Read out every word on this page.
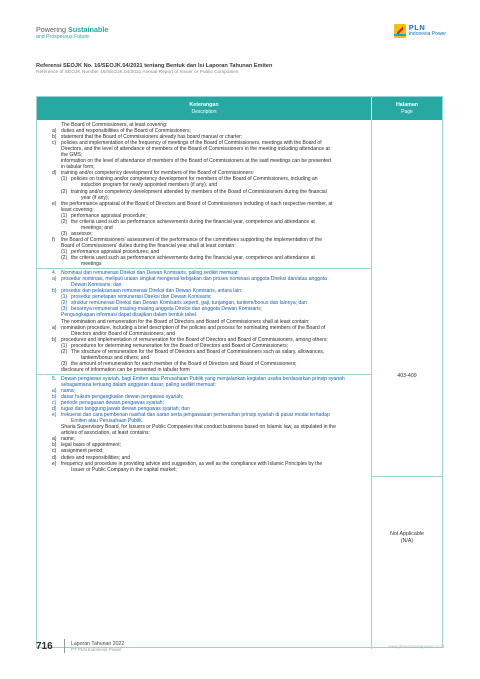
Powering Sustainable
and Prosperous Future
PLN
Indonesia Power
Referensi SEOJK No. 16/SEOJK.04/2021 tentang Bentuk dan Isi Laporan Tahunan Emiten
Reference of SEOJK Number 16/SEOJK.04/2021 Annual Report of Issuer or Public Companies
Keterangan
Description
Halaman
Page
The Board of Commissioners, at least covering:
a) duties and responsibilities of the Board of Commissioners;
b) statement that the Board of Commissioners already has board manual or charter;
c) policies and implementation of the frequency of meetings of the Board of Commissioners, meetings with the Board of
Directors, and the level of attendance of members of the Board of Commissioners in the meeting including attendance at
the GMS;
information on the level of attendance of members of the Board of Commissioners at the said meetings can be presented
in tabular form;
d) training and/or competency development for members of the Board of Commissioners:
(1) policies on training and/or competency development for members of the Board of Commissioners, including an
induction program for newly appointed members (if any); and
(2) training and/or competency development attended by members of the Board of Commissioners during the financial
year (if any);
e) the performance appraisal of the Board of Directors and Board of Commissioners including of each respective member, at
least covering:
(1) performance appraisal procedure;
(2) the criteria used such as performance achievements during the financial year, competence and attendance at
meetings; and
(3) assessor;
f) the Board of Commissioners' assessment of the performance of the committees supporting the implementation of the
Board of Commissioners' duties during the financial year shall at least contain:
(1) performance appraisal procedures; and
(2) the criteria used such as performance achievements during the financial year, competence and attendance at
meetings
4. Nominasi dan remunerasi Direksi dan Dewan Komisaris, paling sedikit memuat:
a) prosedur nominasi, meliputi uraian singkat mengenai kebijakan dan proses nominasi anggota Direksi dan/atau anggota
Dewan Komisaris; dan
b) prosedur dan pelaksanaan remunerasi Direksi dan Dewan Komisaris, antara lain:
(1) prosedur penetapan remunerasi Direksi dan Dewan Komisaris;
(2) struktur remunerasi Direksi dan Dewan Komisaris seperti, gaji, tunjangan, tantiem/bonus dan lainnya; dan
(3) besarnya remunerasi masing-masing anggota Direksi dan anggota Dewan Komisaris;
Pengungkapan informasi dapat disajikan dalam bentuk tabel.
The nomination and remuneration for the Board of Directors and Board of Commissioners shall at least contain:
a) nomination procedure, including a brief description of the policies and process for nominating members of the Board of
Directors and/or Board of Commissioners; and
b) procedures and implementation of remuneration for the Board of Directors and Board of Commissioners, among others:
(1) procedures for determining remuneration for the Board of Directors and Board of Commissioners;
(2) The structure of remuneration for the Board of Directors and Board of Commissioners such as salary, allowances,
tantiem/bonus and others; and
(3) the amount of remuneration for each member of the Board of Directors and Board of Commissioners;
disclosure of information can be presented in tabular form
5. Dewan pengawas syariah, bagi Emiten atau Perusahaan Publik yang menjalankan kegiatan usaha berdasarkan prinsip syariah
sebagaimana tertuang dalam anggaran dasar, paling sedikit memuat:
a) nama;
b) dasar hukum pengangkatan dewan pengawas syariah;
c) periode penugasan dewan pengawas syariah;
d) tugas dan tanggung jawab dewan pengawas syariah; dan
e) frekuensi dan cara pemberian nasihat dan saran serta pengawasan pemenuhan prinsip syariah di pasar modal terhadap
Emiten atau Perusahaan Publik.
Sharia Supervisory Board, for Issuers or Public Companies that conduct business based on Islamic law, as stipulated in the
articles of association, at least contains:
a) name;
b) legal basis of appointment;
c) assignment period;
d) duties and responsibilities; and
e) frequency and procedure in providing advice and suggestion, as well as the compliance with Islamic Principles by the
Issuer or Public Company in the capital market;
403-409
Not Applicable
(N/A)
716	Laporan Tahunan 2022
PT PLN Indonesia Power	www.plnindonesiapower.co.id
